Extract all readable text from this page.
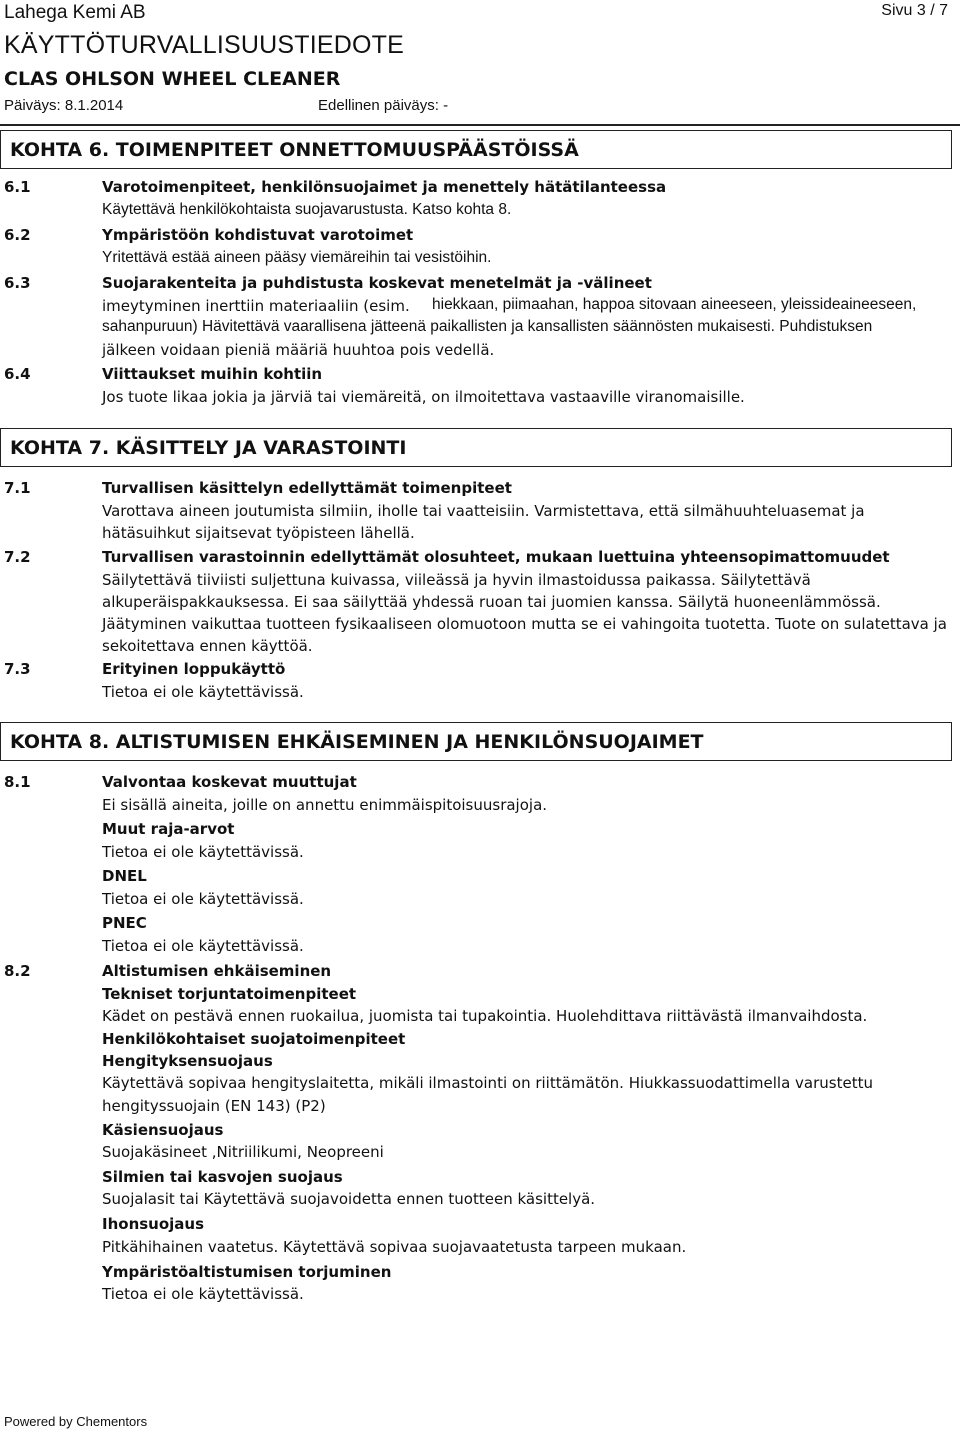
Lahega Kemi AB	Sivu 3 / 7
KÄYTTÖTURVALLISUUSTIEDOTE
CLAS OHLSON WHEEL CLEANER
Päiväys: 8.1.2014	Edellinen päiväys: -
KOHTA 6. TOIMENPITEET ONNETTOMUUSPÄÄSTÖISSÄ
6.1	Varotoimenpiteet, henkilönsuojaimet ja menettely hätätilanteessa
Käytettävä henkilökohtaista suojavarustusta. Katso kohta 8.
6.2	Ympäristöön kohdistuvat varotoimet
Yritettävä estää aineen pääsy viemäreihin tai vesistöihin.
6.3	Suojarakenteita ja puhdistusta koskevat menetelmät ja -välineet
imeytyminen inerttiin materiaaliin (esim. hiekkaan, piimaahan, happoa sitovaan aineeseen, yleissideaineeseen,
sahanpuruun) Hävitettävä vaarallisena jätteenä paikallisten ja kansallisten säännösten mukaisesti. Puhdistuksen
jälkeen voidaan pieniä määriä huuhtoa pois vedellä.
6.4	Viittaukset muihin kohtiin
Jos tuote likaa jokia ja järviä tai viemäreitä, on ilmoitettava vastaaville viranomaisille.
KOHTA 7. KÄSITTELY JA VARASTOINTI
7.1	Turvallisen käsittelyn edellyttämät toimenpiteet
Varottava aineen joutumista silmiin, iholle tai vaatteisiin. Varmistettava, että silmähuuhteluasemat ja
hätäsuihkut sijaitsevat työpisteen lähellä.
7.2	Turvallisen varastoinnin edellyttämät olosuhteet, mukaan luettuina yhteensopimattomuudet
Säilytettävä tiiviisti suljettuna kuivassa, viileässä ja hyvin ilmastoidussa paikassa. Säilytettävä
alkuperäispakkauksessa. Ei saa säilyttää yhdessä ruoan tai juomien kanssa. Säilytä huoneenlämmössä.
Jäätyminen vaikuttaa tuotteen fysikaaliseen olomuotoon mutta se ei vahingoita tuotetta. Tuote on sulatettava ja
sekoitettava ennen käyttöä.
7.3	Erityinen loppukäyttö
Tietoa ei ole käytettävissä.
KOHTA 8. ALTISTUMISEN EHKÄISEMINEN JA HENKILÖNSUOJAIMET
8.1	Valvontaa koskevat muuttujat
Ei sisällä aineita, joille on annettu enimmäispitoisuusrajoja.
Muut raja-arvot
Tietoa ei ole käytettävissä.
DNEL
Tietoa ei ole käytettävissä.
PNEC
Tietoa ei ole käytettävissä.
8.2	Altistumisen ehkäiseminen
Tekniset torjuntatoimenpiteet
Kädet on pestävä ennen ruokailua, juomista tai tupakointia. Huolehdittava riittävästä ilmanvaihdosta.
Henkilökohtaiset suojatoimenpiteet
Hengityksensuojaus
Käytettävä sopivaa hengityslaitetta, mikäli ilmastointi on riittämätön. Hiukkassuodattimella varustettu
hengityssuojain (EN 143) (P2)
Käsiensuojaus
Suojakäsineet ,Nitriilikumi, Neopreeni
Silmien tai kasvojen suojaus
Suojalasit tai Käytettävä suojavoidetta ennen tuotteen käsittelyä.
Ihonsuojaus
Pitkähihainen vaatetus. Käytettävä sopivaa suojavaatetusta tarpeen mukaan.
Ympäristöaltistumisen torjuminen
Tietoa ei ole käytettävissä.
Powered by Chementors
